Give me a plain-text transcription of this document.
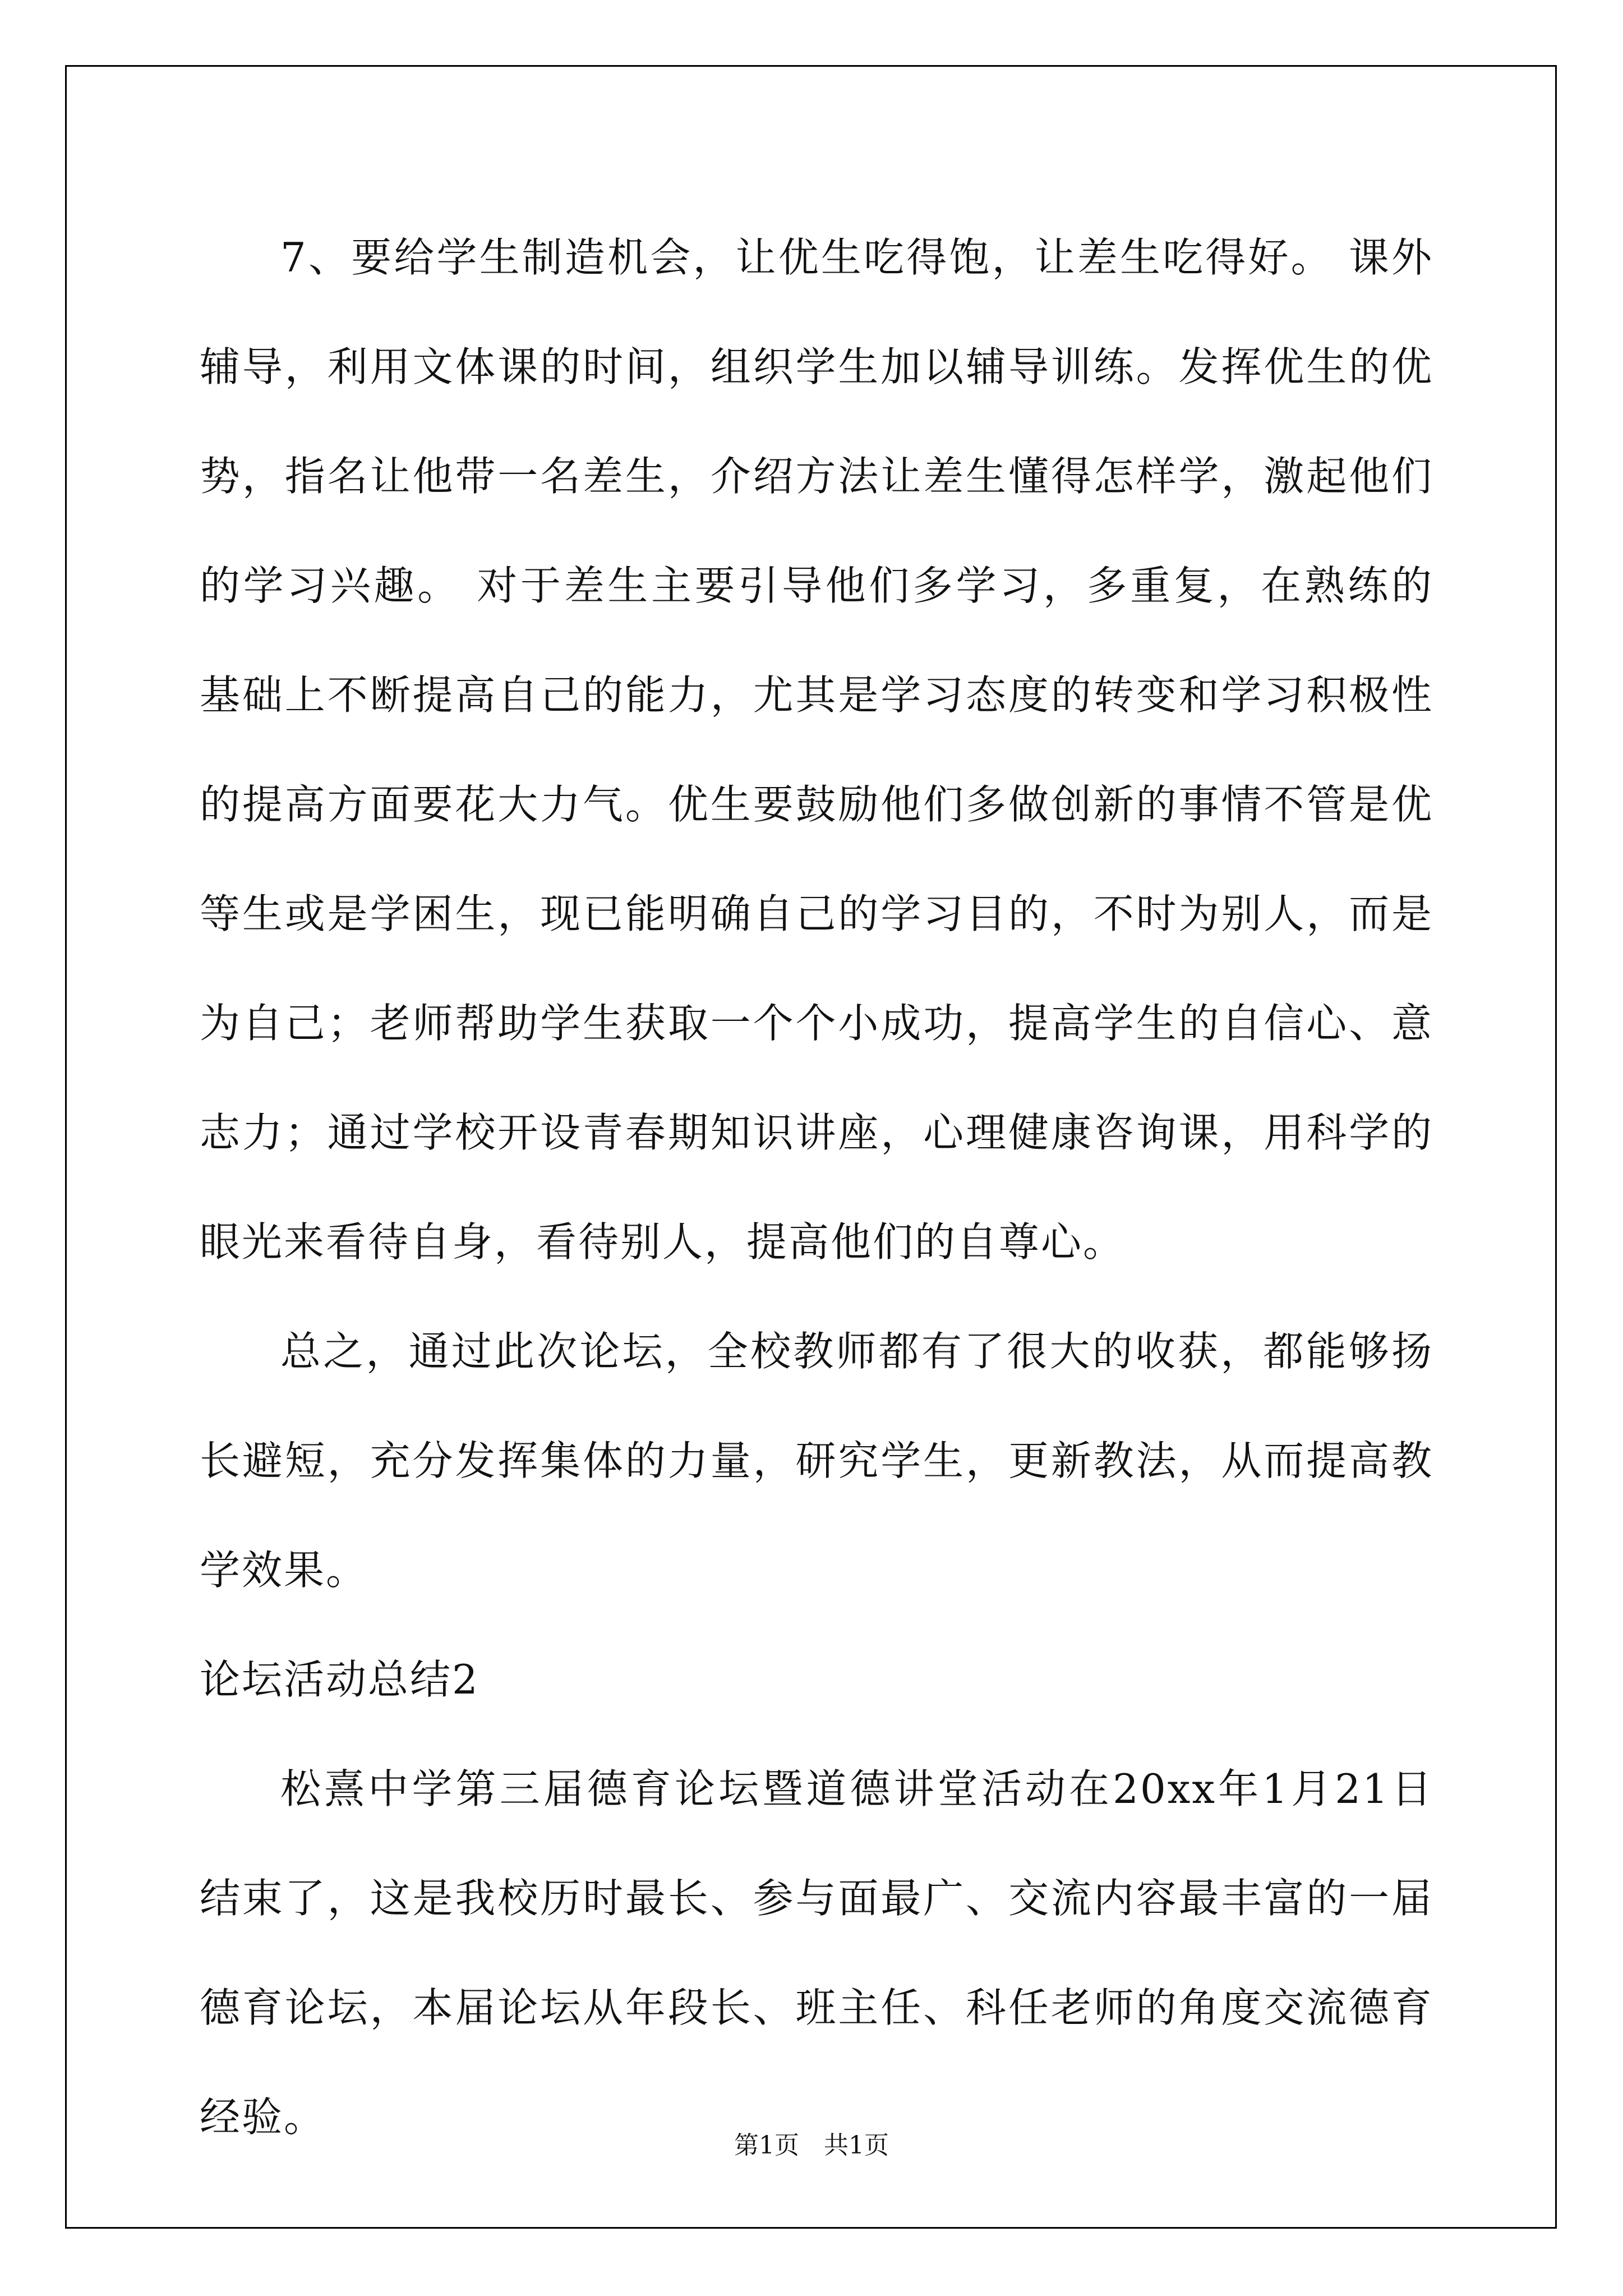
7、要给学生制造机会，让优生吃得饱，让差生吃得好。 课外辅导，利用文体课的时间，组织学生加以辅导训练。发挥优生的优势，指名让他带一名差生，介绍方法让差生懂得怎样学，激起他们的学习兴趣。 对于差生主要引导他们多学习，多重复，在熟练的基础上不断提高自己的能力，尤其是学习态度的转变和学习积极性的提高方面要花大力气。优生要鼓励他们多做创新的事情不管是优等生或是学困生，现已能明确自己的学习目的，不时为别人，而是为自己；老师帮助学生获取一个个小成功，提高学生的自信心、意志力；通过学校开设青春期知识讲座，心理健康咨询课，用科学的眼光来看待自身，看待别人，提高他们的自尊心。

总之，通过此次论坛，全校教师都有了很大的收获，都能够扬长避短，充分发挥集体的力量，研究学生，更新教法，从而提高教学效果。

论坛活动总结2

松熹中学第三届德育论坛暨道德讲堂活动在20xx年1月21日结束了，这是我校历时最长、参与面最广、交流内容最丰富的一届德育论坛，本届论坛从年段长、班主任、科任老师的角度交流德育经验。

第1页　共1页
